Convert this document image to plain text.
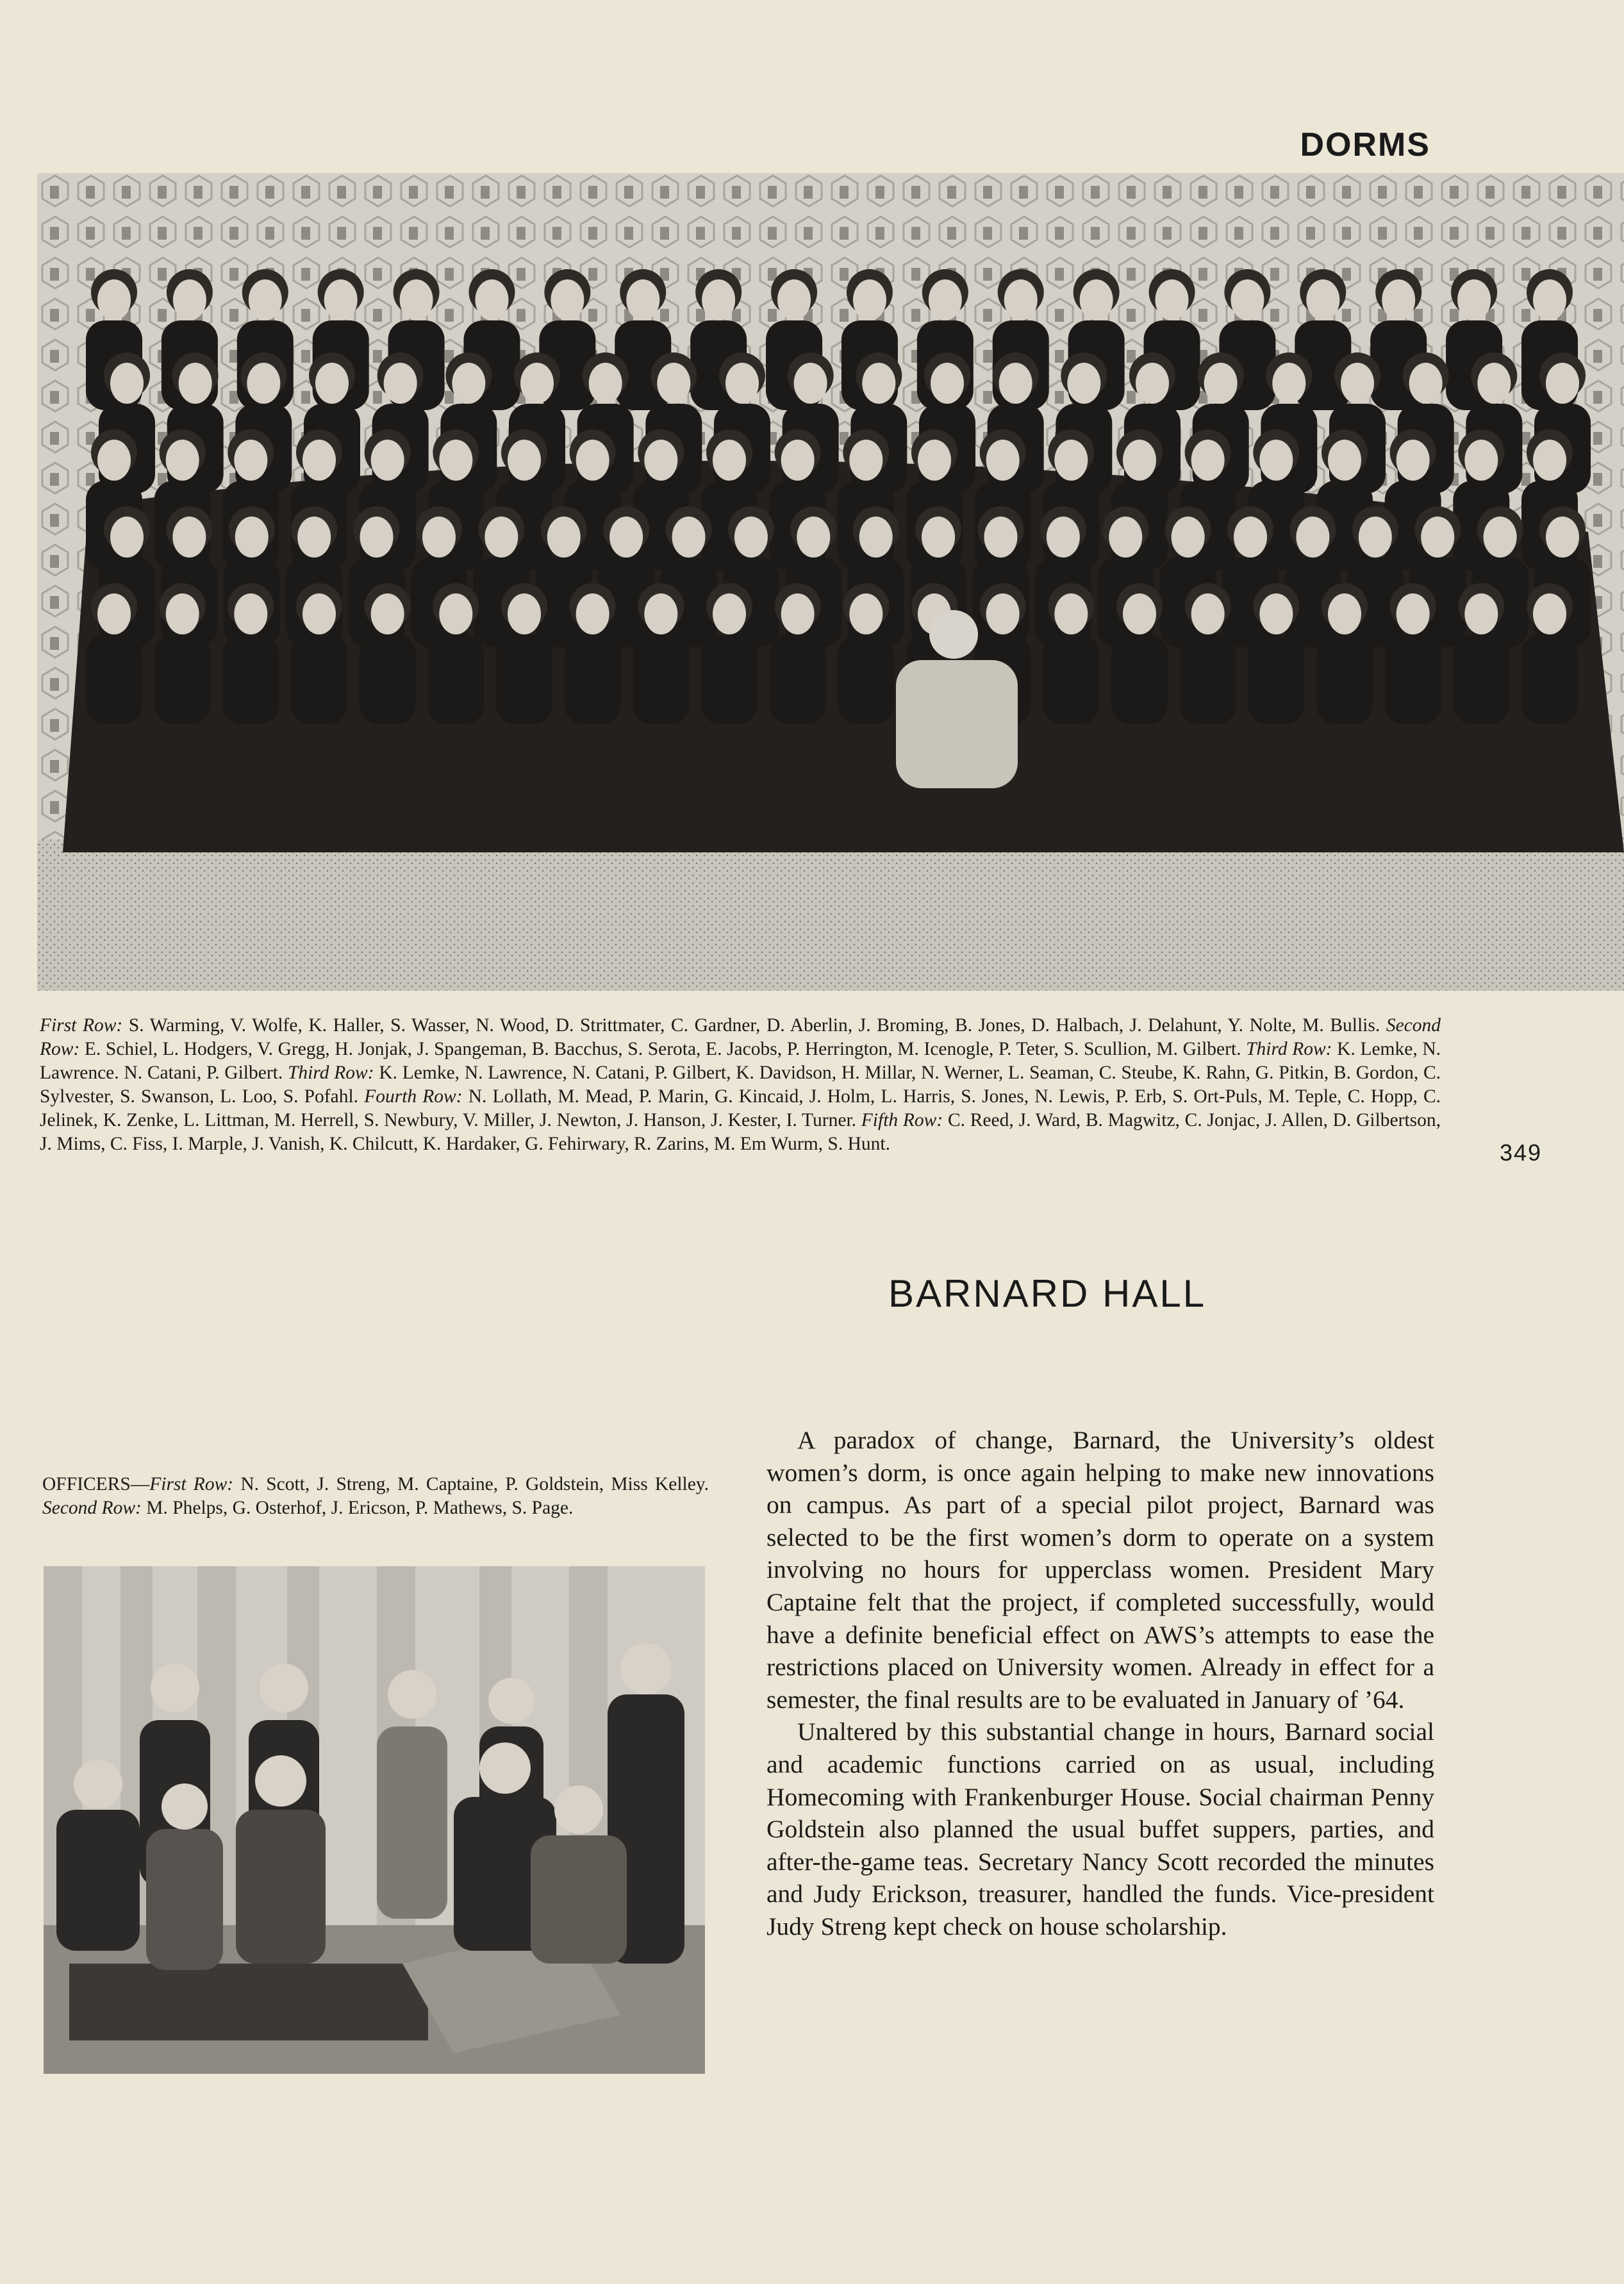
DORMS
First Row: S. Warming, V. Wolfe, K. Haller, S. Wasser, N. Wood, D. Strittmater, C. Gardner, D. Aberlin, J. Broming, B. Jones, D. Halbach, J. Delahunt, Y. Nolte, M. Bullis. Second Row: E. Schiel, L. Hodgers, V. Gregg, H. Jonjak, J. Spangeman, B. Bacchus, S. Serota, E. Jacobs, P. Herrington, M. Icenogle, P. Teter, S. Scullion, M. Gilbert. Third Row: K. Lemke, N. Lawrence. N. Catani, P. Gilbert. Third Row: K. Lemke, N. Lawrence, N. Catani, P. Gilbert, K. Davidson, H. Millar, N. Werner, L. Seaman, C. Steube, K. Rahn, G. Pitkin, B. Gordon, C. Sylvester, S. Swanson, L. Loo, S. Pofahl. Fourth Row: N. Lollath, M. Mead, P. Marin, G. Kincaid, J. Holm, L. Harris, S. Jones, N. Lewis, P. Erb, S. Ort-Puls, M. Teple, C. Hopp, C. Jelinek, K. Zenke, L. Littman, M. Herrell, S. Newbury, V. Miller, J. Newton, J. Hanson, J. Kester, I. Turner. Fifth Row: C. Reed, J. Ward, B. Magwitz, C. Jonjac, J. Allen, D. Gilbertson, J. Mims, C. Fiss, I. Marple, J. Vanish, K. Chilcutt, K. Hardaker, G. Fehirwary, R. Zarins, M. Em Wurm, S. Hunt.	349
BARNARD HALL
OFFICERS—First Row: N. Scott, J. Streng, M. Captaine, P. Goldstein, Miss Kelley. Second Row: M. Phelps, G. Osterhof, J. Ericson, P. Mathews, S. Page.

A paradox of change, Barnard, the University’s oldest women’s dorm, is once again helping to make new innovations on campus. As part of a special pilot project, Barnard was selected to be the first women’s dorm to operate on a system involving no hours for upperclass women. President Mary Captaine felt that the project, if completed successfully, would have a definite beneficial effect on AWS’s attempts to ease the restrictions placed on University women. Already in effect for a semester, the final results are to be evaluated in January of ’64.

Unaltered by this substantial change in hours, Barnard social and academic functions carried on as usual, including Homecoming with Frankenburger House. Social chairman Penny Goldstein also planned the usual buffet suppers, parties, and after-the-game teas. Secretary Nancy Scott recorded the minutes and Judy Erickson, treasurer, handled the funds. Vice-president Judy Streng kept check on house scholarship.
